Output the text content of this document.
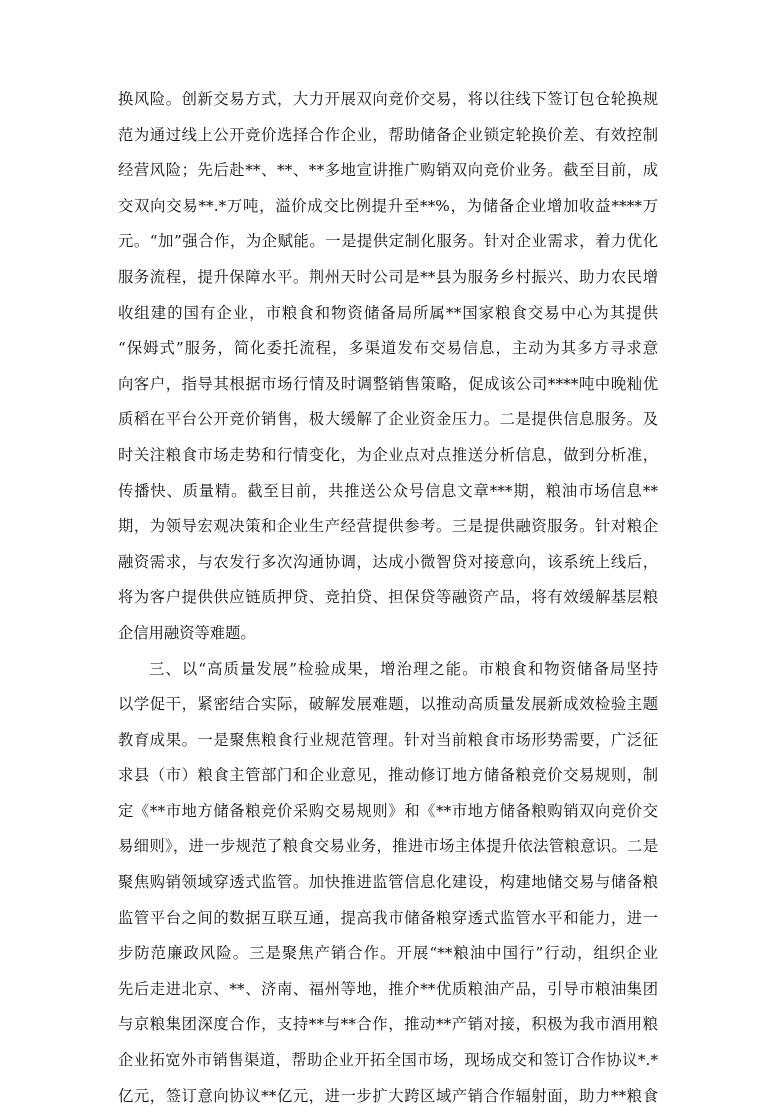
换风险。创新交易方式，大力开展双向竞价交易，将以往线下签订包仓轮换规
范为通过线上公开竞价选择合作企业，帮助储备企业锁定轮换价差、有效控制
经营风险；先后赴**、**、**多地宣讲推广购销双向竞价业务。截至目前，成
交双向交易**.*万吨，溢价成交比例提升至**%，为储备企业增加收益****万
元。“加”强合作，为企赋能。一是提供定制化服务。针对企业需求，着力优化
服务流程，提升保障水平。荆州天时公司是**县为服务乡村振兴、助力农民增
收组建的国有企业，市粮食和物资储备局所属**国家粮食交易中心为其提供
“保姆式”服务，简化委托流程，多渠道发布交易信息，主动为其多方寻求意
向客户，指导其根据市场行情及时调整销售策略，促成该公司****吨中晚籼优
质稻在平台公开竞价销售，极大缓解了企业资金压力。二是提供信息服务。及
时关注粮食市场走势和行情变化，为企业点对点推送分析信息，做到分析准，
传播快、质量精。截至目前，共推送公众号信息文章***期，粮油市场信息**
期，为领导宏观决策和企业生产经营提供参考。三是提供融资服务。针对粮企
融资需求，与农发行多次沟通协调，达成小微智贷对接意向，该系统上线后，
将为客户提供供应链质押贷、竞拍贷、担保贷等融资产品，将有效缓解基层粮
企信用融资等难题。
三、以“高质量发展”检验成果，增治理之能。市粮食和物资储备局坚持
以学促干，紧密结合实际，破解发展难题，以推动高质量发展新成效检验主题
教育成果。一是聚焦粮食行业规范管理。针对当前粮食市场形势需要，广泛征
求县（市）粮食主管部门和企业意见，推动修订地方储备粮竞价交易规则，制
定《**市地方储备粮竞价采购交易规则》和《**市地方储备粮购销双向竞价交
易细则》，进一步规范了粮食交易业务，推进市场主体提升依法管粮意识。二是
聚焦购销领域穿透式监管。加快推进监管信息化建设，构建地储交易与储备粮
监管平台之间的数据互联互通，提高我市储备粮穿透式监管水平和能力，进一
步防范廉政风险。三是聚焦产销合作。开展“**粮油中国行”行动，组织企业
先后走进北京、**、济南、福州等地，推介**优质粮油产品，引导市粮油集团
与京粮集团深度合作，支持**与**合作，推动**产销对接，积极为我市酒用粮
企业拓宽外市销售渠道，帮助企业开拓全国市场，现场成交和签订合作协议*.*
亿元，签订意向协议**亿元，进一步扩大跨区域产销合作辐射面，助力**粮食
